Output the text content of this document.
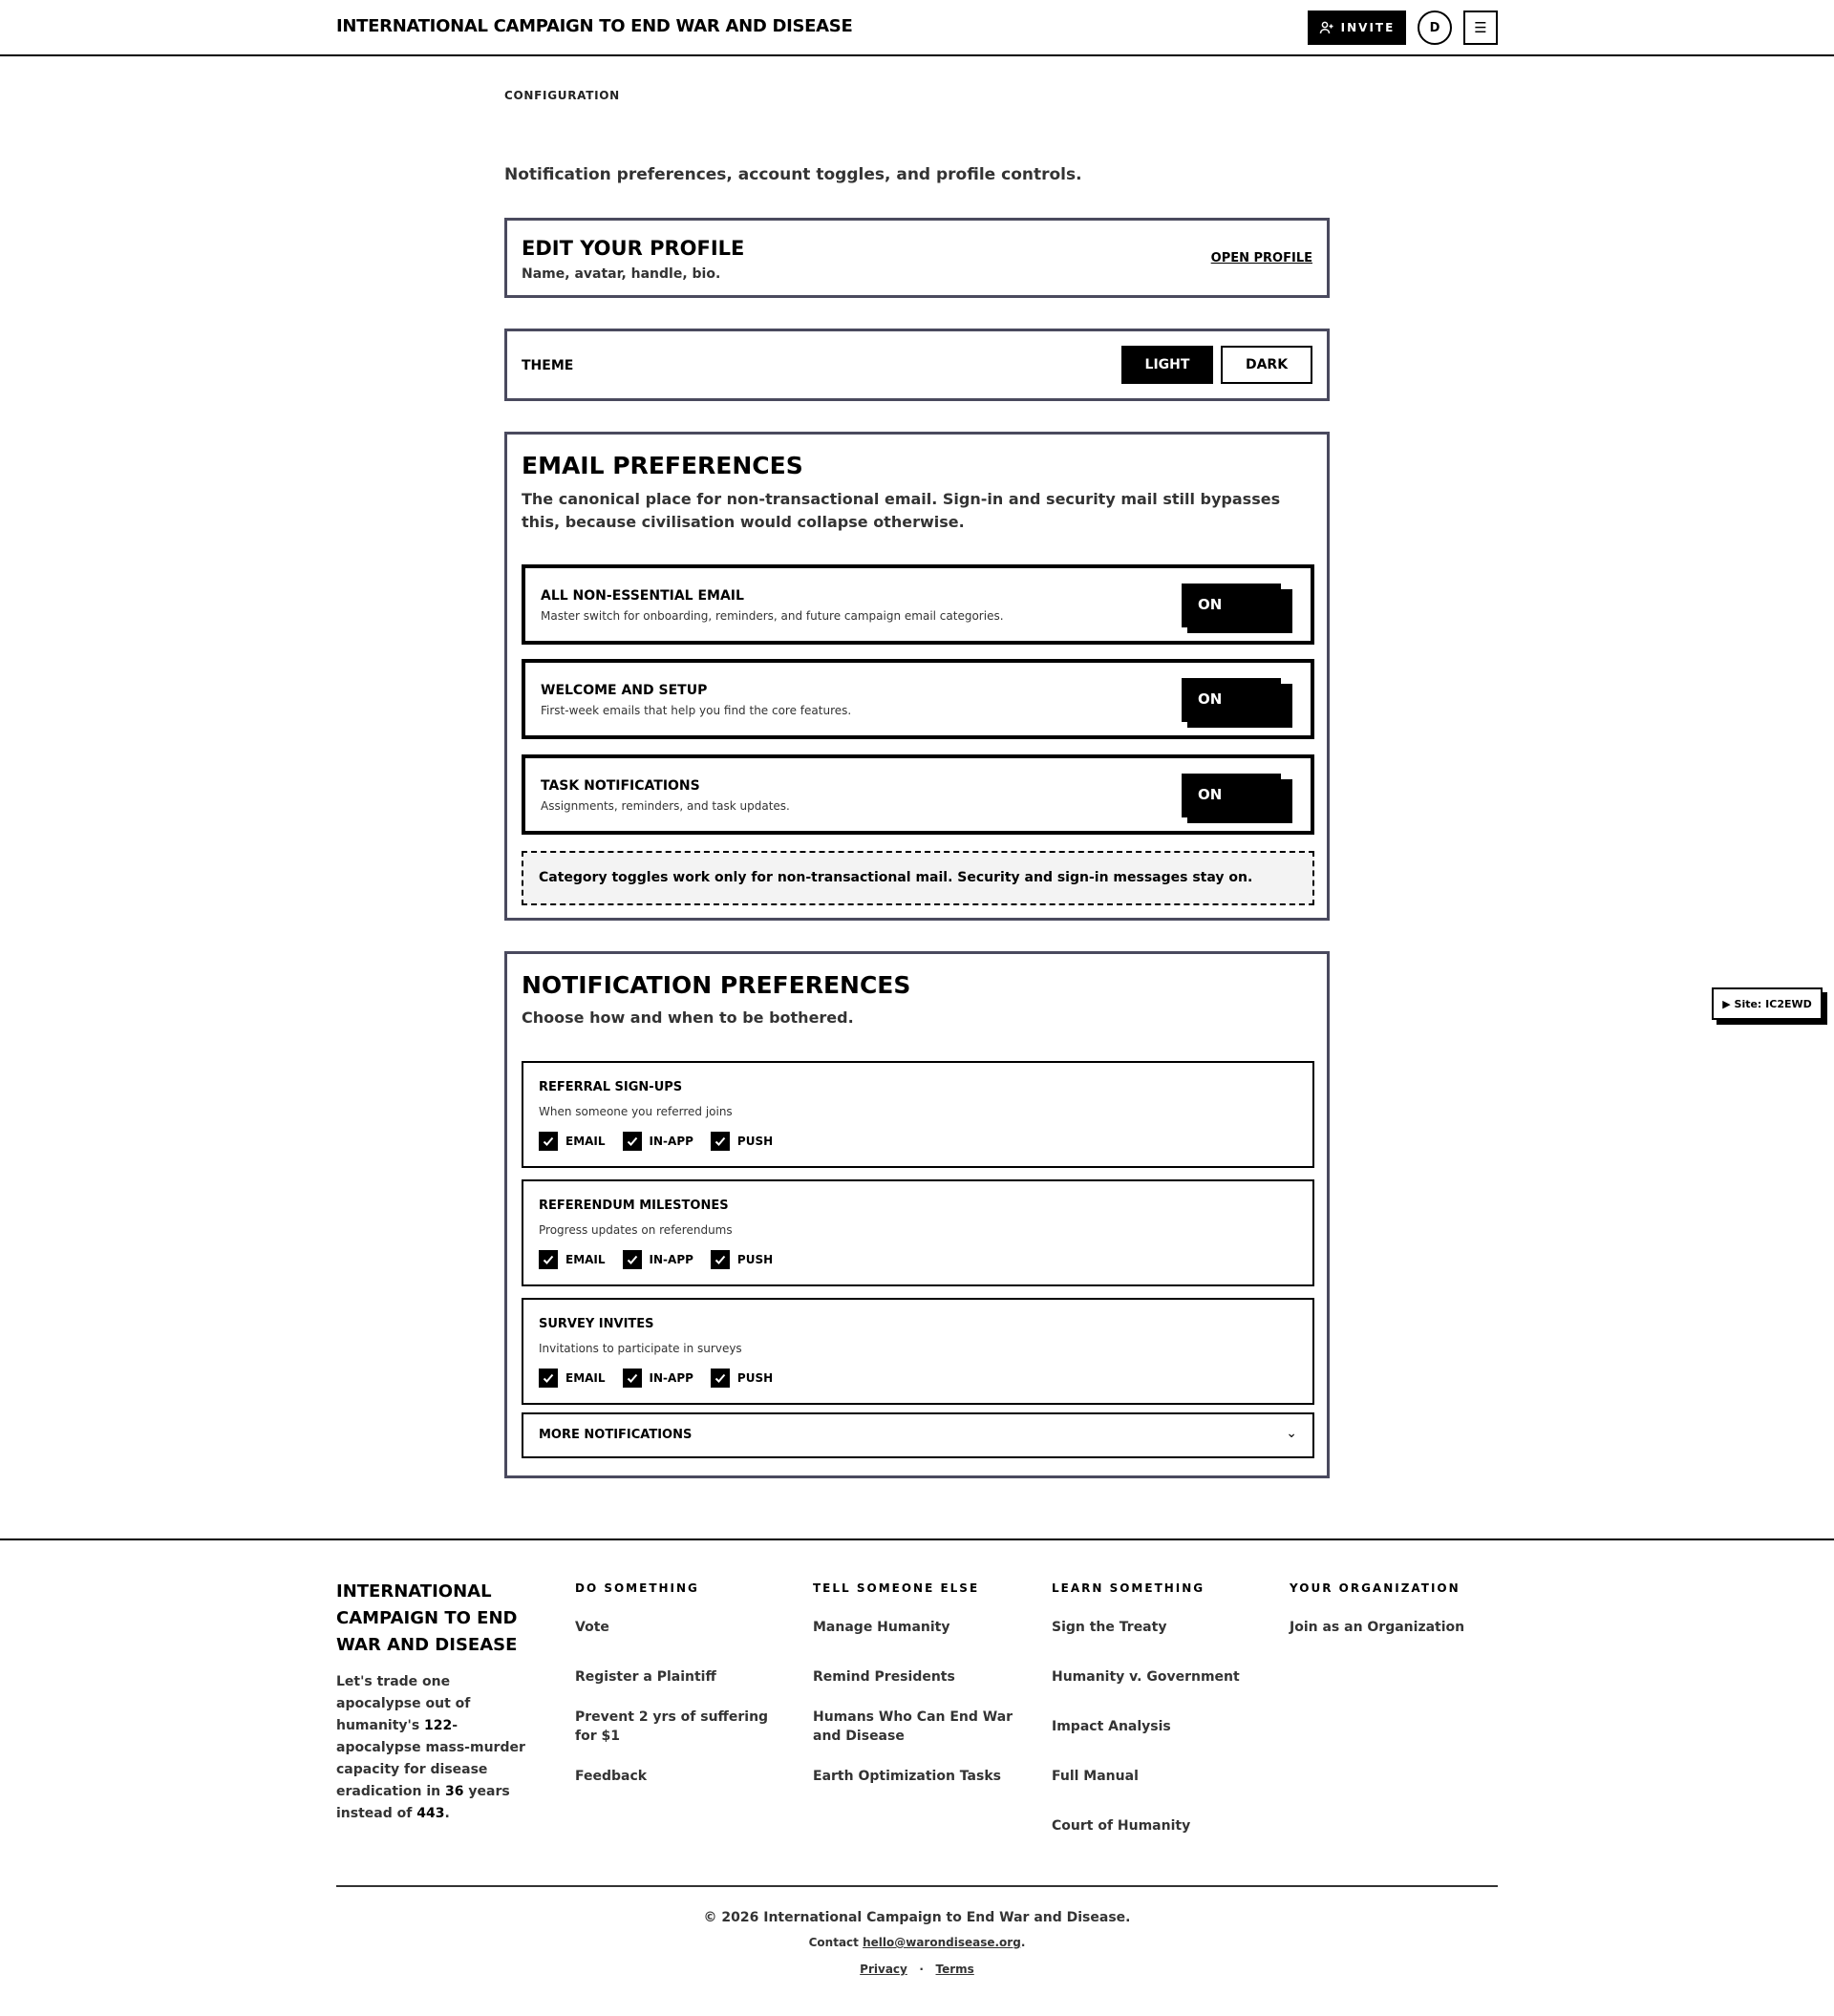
INTERNATIONAL CAMPAIGN TO END WAR AND DISEASE	INVITE	D	☰
CONFIGURATION
Notification preferences, account toggles, and profile controls.
EDIT YOUR PROFILE
Name, avatar, handle, bio.
OPEN PROFILE
THEME	LIGHT	DARK
EMAIL PREFERENCES
The canonical place for non-transactional email. Sign-in and security mail still bypasses this, because civilisation would collapse otherwise.
ALL NON-ESSENTIAL EMAIL
Master switch for onboarding, reminders, and future campaign email categories.
ON
WELCOME AND SETUP
First-week emails that help you find the core features.
ON
TASK NOTIFICATIONS
Assignments, reminders, and task updates.
ON
Category toggles work only for non-transactional mail. Security and sign-in messages stay on.
NOTIFICATION PREFERENCES
Choose how and when to be bothered.
REFERRAL SIGN-UPS
When someone you referred joins
EMAIL	IN-APP	PUSH
REFERENDUM MILESTONES
Progress updates on referendums
EMAIL	IN-APP	PUSH
SURVEY INVITES
Invitations to participate in surveys
EMAIL	IN-APP	PUSH
MORE NOTIFICATIONS	⌄
▶ Site: IC2EWD
INTERNATIONAL CAMPAIGN TO END WAR AND DISEASE
Let's trade one apocalypse out of humanity's 122-apocalypse mass-murder capacity for disease eradication in 36 years instead of 443.
DO SOMETHING
Vote
Register a Plaintiff
Prevent 2 yrs of suffering for $1
Feedback
TELL SOMEONE ELSE
Manage Humanity
Remind Presidents
Humans Who Can End War and Disease
Earth Optimization Tasks
LEARN SOMETHING
Sign the Treaty
Humanity v. Government
Impact Analysis
Full Manual
Court of Humanity
YOUR ORGANIZATION
Join as an Organization
© 2026 International Campaign to End War and Disease.
Contact hello@warondisease.org.
Privacy · Terms
